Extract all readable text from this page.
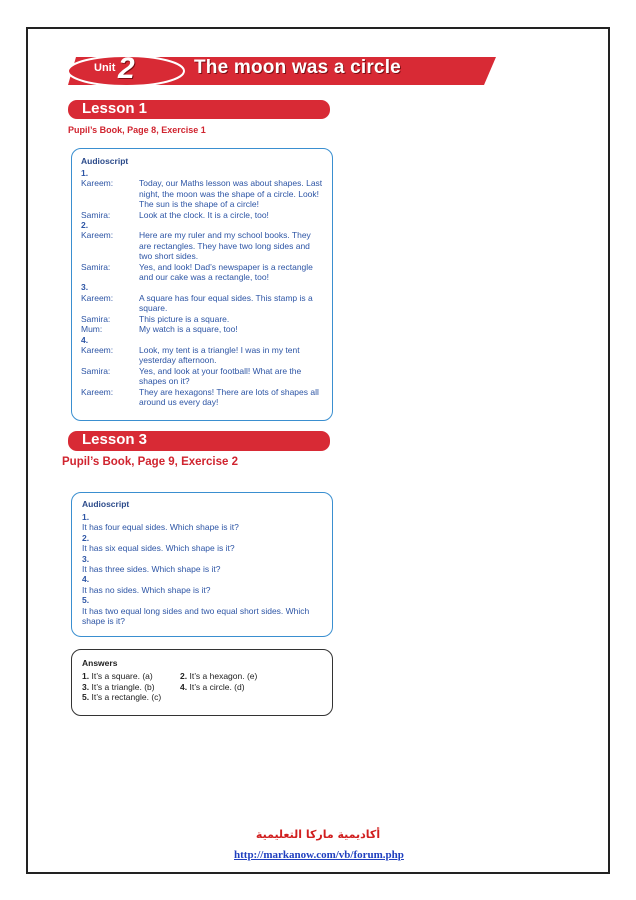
Unit 2	The moon was a circle
Lesson 1
Pupil’s Book, Page 8, Exercise 1
Audioscript
1.
Kareem:	Today, our Maths lesson was about shapes. Last night, the moon was the shape of a circle. Look! The sun is the shape of a circle!
Samira:	Look at the clock. It is a circle, too!
2.
Kareem:	Here are my ruler and my school books. They are rectangles. They have two long sides and two short sides.
Samira:	Yes, and look! Dad’s newspaper is a rectangle and our cake was a rectangle, too!
3.
Kareem:	A square has four equal sides. This stamp is a square.
Samira:	This picture is a square.
Mum:	My watch is a square, too!
4.
Kareem:	Look, my tent is a triangle! I was in my tent yesterday afternoon.
Samira:	Yes, and look at your football! What are the shapes on it?
Kareem:	They are hexagons! There are lots of shapes all around us every day!
Lesson 3
Pupil’s Book, Page 9, Exercise 2
Audioscript
1.
It has four equal sides. Which shape is it?
2.
It has six equal sides. Which shape is it?
3.
It has three sides. Which shape is it?
4.
It has no sides. Which shape is it?
5.
It has two equal long sides and two equal short sides. Which shape is it?
Answers
1. It’s a square. (a)	2. It’s a hexagon. (e)
3. It’s a triangle. (b)	4. It’s a circle. (d)
5. It’s a rectangle. (c)
أكاديمية ماركا التعليمية
http://markanow.com/vb/forum.php
